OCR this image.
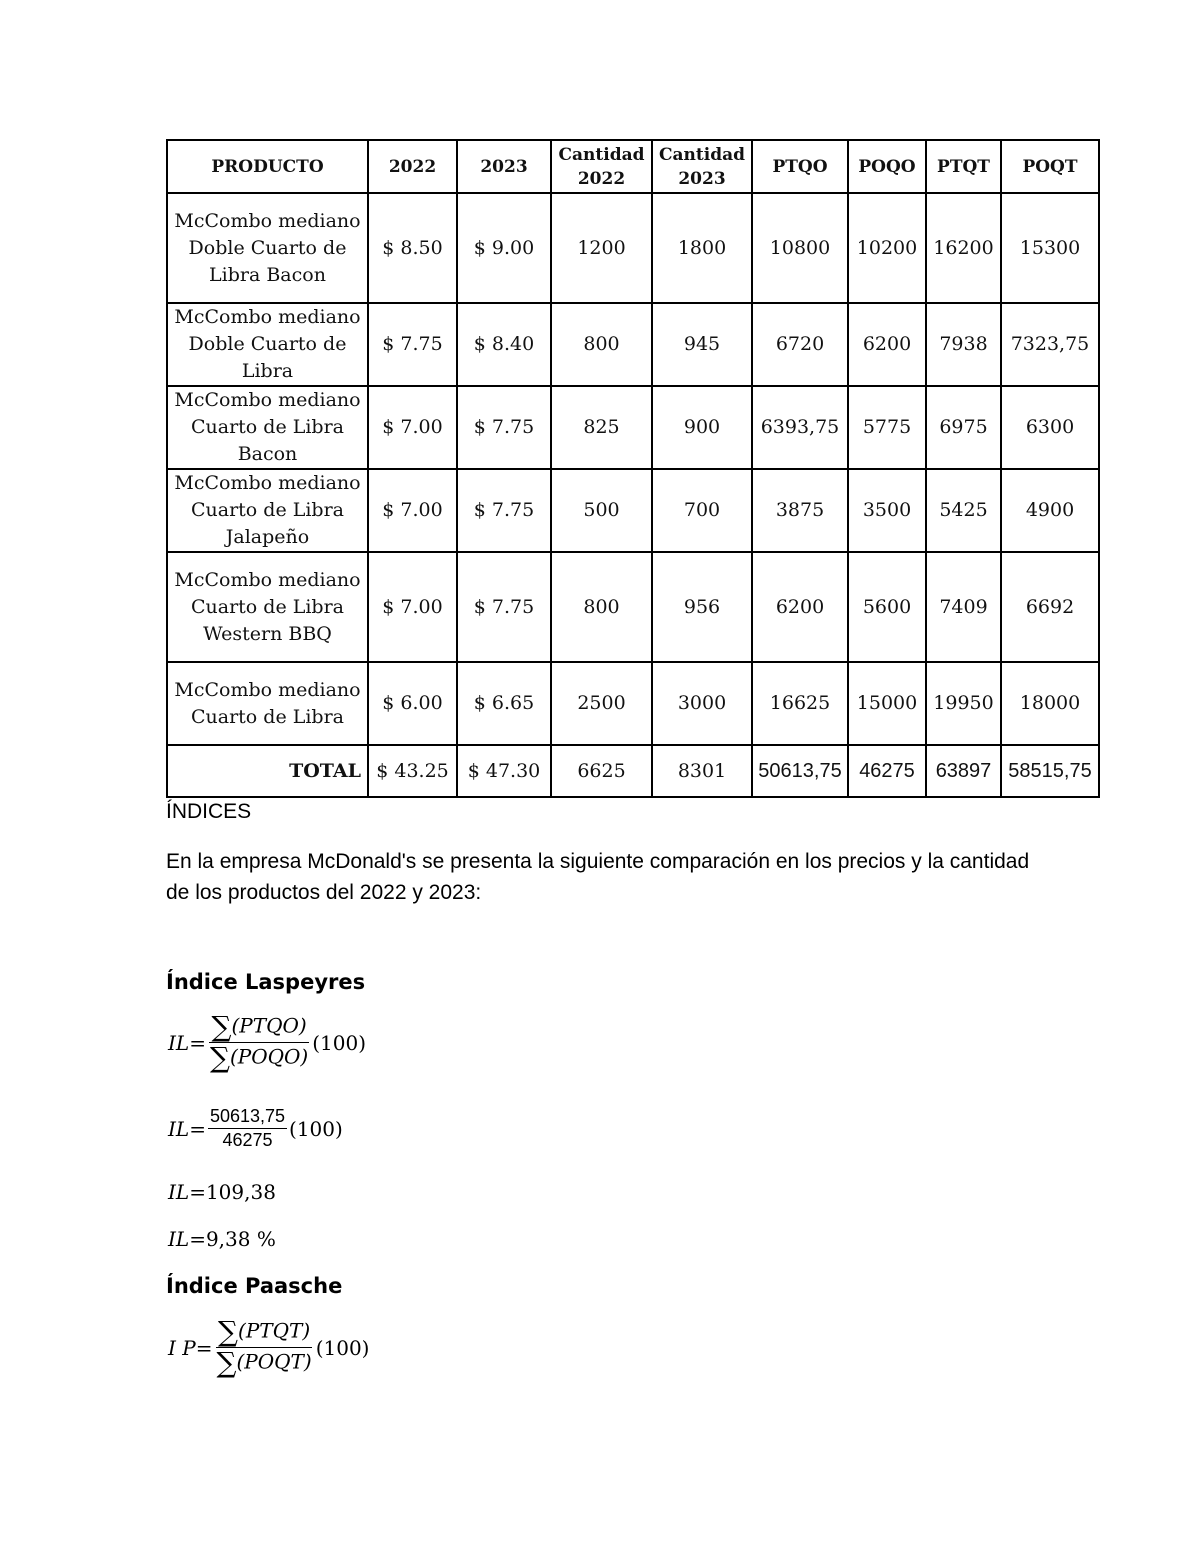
PRODUCTO	2022	2023	Cantidad 2022	Cantidad 2023	PTQO	POQO	PTQT	POQT
McCombo mediano Doble Cuarto de Libra Bacon	$ 8.50	$ 9.00	1200	1800	10800	10200	16200	15300
McCombo mediano Doble Cuarto de Libra	$ 7.75	$ 8.40	800	945	6720	6200	7938	7323,75
McCombo mediano Cuarto de Libra Bacon	$ 7.00	$ 7.75	825	900	6393,75	5775	6975	6300
McCombo mediano Cuarto de Libra Jalapeño	$ 7.00	$ 7.75	500	700	3875	3500	5425	4900
McCombo mediano Cuarto de Libra Western BBQ	$ 7.00	$ 7.75	800	956	6200	5600	7409	6692
McCombo mediano Cuarto de Libra	$ 6.00	$ 6.65	2500	3000	16625	15000	19950	18000
TOTAL	$ 43.25	$ 47.30	6625	8301	50613,75	46275	63897	58515,75
ÍNDICES
En la empresa McDonald's se presenta la siguiente comparación en los precios y la cantidad de los productos del 2022 y 2023:
Índice Laspeyres
IL = $\frac{\text{∑(PTQO)}}{\text{∑(POQO)}} (100)$
IL = $\frac{50613,75}{46275} (100)$
IL = 109,38
IL = 9,38 %
Índice Paasche
I $P = \frac{\text{∑(PTQT)}}{\text{∑(POQT)}} (100)$
